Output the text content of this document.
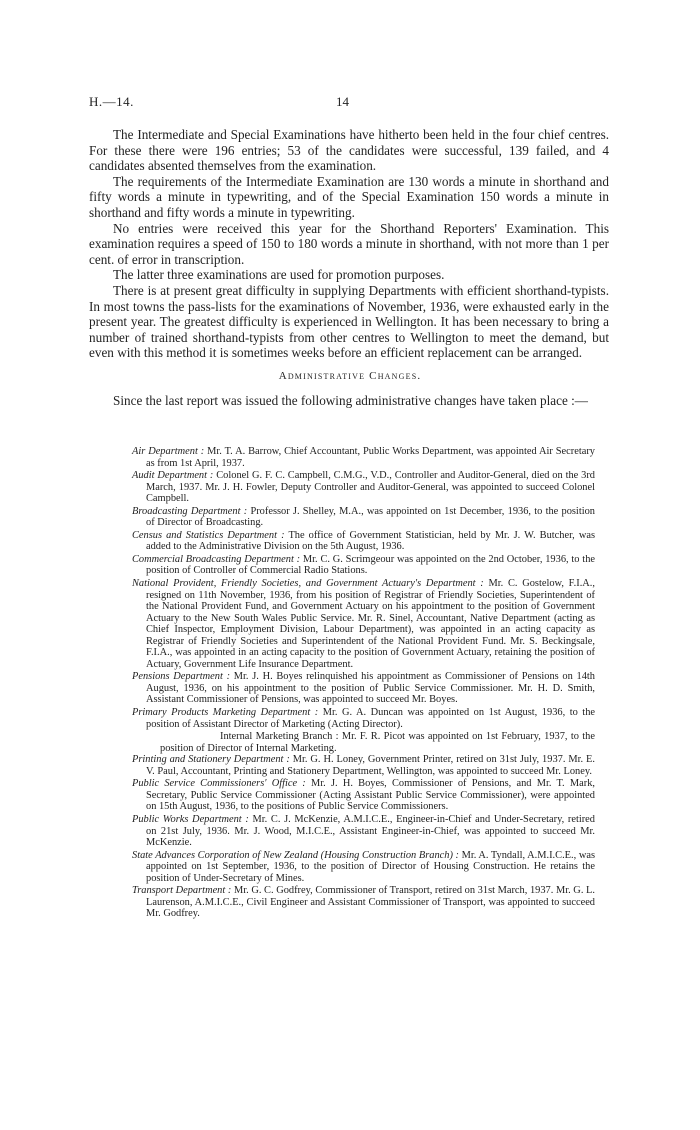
H.—14.	14

The Intermediate and Special Examinations have hitherto been held in the four chief centres. For these there were 196 entries; 53 of the candidates were successful, 139 failed, and 4 candidates absented themselves from the examination.

The requirements of the Intermediate Examination are 130 words a minute in shorthand and fifty words a minute in typewriting, and of the Special Examination 150 words a minute in shorthand and fifty words a minute in typewriting.

No entries were received this year for the Shorthand Reporters' Examination. This examination requires a speed of 150 to 180 words a minute in shorthand, with not more than 1 per cent. of error in transcription.

The latter three examinations are used for promotion purposes.

There is at present great difficulty in supplying Departments with efficient shorthand-typists. In most towns the pass-lists for the examinations of November, 1936, were exhausted early in the present year. The greatest difficulty is experienced in Wellington. It has been necessary to bring a number of trained shorthand-typists from other centres to Wellington to meet the demand, but even with this method it is sometimes weeks before an efficient replacement can be arranged.

Administrative Changes.
Since the last report was issued the following administrative changes have taken place :—

Air Department : Mr. T. A. Barrow, Chief Accountant, Public Works Department, was appointed Air Secretary as from 1st April, 1937.

Audit Department : Colonel G. F. C. Campbell, C.M.G., V.D., Controller and Auditor-General, died on the 3rd March, 1937. Mr. J. H. Fowler, Deputy Controller and Auditor-General, was appointed to succeed Colonel Campbell.

Broadcasting Department : Professor J. Shelley, M.A., was appointed on 1st December, 1936, to the position of Director of Broadcasting.

Census and Statistics Department : The office of Government Statistician, held by Mr. J. W. Butcher, was added to the Administrative Division on the 5th August, 1936.

Commercial Broadcasting Department : Mr. C. G. Scrimgeour was appointed on the 2nd October, 1936, to the position of Controller of Commercial Radio Stations.

National Provident, Friendly Societies, and Government Actuary's Department : Mr. C. Gostelow, F.I.A., resigned on 11th November, 1936, from his position of Registrar of Friendly Societies, Superintendent of the National Provident Fund, and Government Actuary on his appointment to the position of Government Actuary to the New South Wales Public Service. Mr. R. Sinel, Accountant, Native Department (acting as Chief Inspector, Employment Division, Labour Department), was appointed in an acting capacity as Registrar of Friendly Societies and Superintendent of the National Provident Fund. Mr. S. Beckingsale, F.I.A., was appointed in an acting capacity to the position of Government Actuary, retaining the position of Actuary, Government Life Insurance Department.

Pensions Department : Mr. J. H. Boyes relinquished his appointment as Commissioner of Pensions on 14th August, 1936, on his appointment to the position of Public Service Commissioner. Mr. H. D. Smith, Assistant Commissioner of Pensions, was appointed to succeed Mr. Boyes.

Primary Products Marketing Department : Mr. G. A. Duncan was appointed on 1st August, 1936, to the position of Assistant Director of Marketing (Acting Director).

Internal Marketing Branch : Mr. F. R. Picot was appointed on 1st February, 1937, to the position of Director of Internal Marketing.

Printing and Stationery Department : Mr. G. H. Loney, Government Printer, retired on 31st July, 1937. Mr. E. V. Paul, Accountant, Printing and Stationery Department, Wellington, was appointed to succeed Mr. Loney.

Public Service Commissioners' Office : Mr. J. H. Boyes, Commissioner of Pensions, and Mr. T. Mark, Secretary, Public Service Commissioner (Acting Assistant Public Service Commissioner), were appointed on 15th August, 1936, to the positions of Public Service Commissioners.

Public Works Department : Mr. C. J. McKenzie, A.M.I.C.E., Engineer-in-Chief and Under-Secretary, retired on 21st July, 1936. Mr. J. Wood, M.I.C.E., Assistant Engineer-in-Chief, was appointed to succeed Mr. McKenzie.

State Advances Corporation of New Zealand (Housing Construction Branch) : Mr. A. Tyndall, A.M.I.C.E., was appointed on 1st September, 1936, to the position of Director of Housing Construction. He retains the position of Under-Secretary of Mines.

Transport Department : Mr. G. C. Godfrey, Commissioner of Transport, retired on 31st March, 1937. Mr. G. L. Laurenson, A.M.I.C.E., Civil Engineer and Assistant Commissioner of Transport, was appointed to succeed Mr. Godfrey.
